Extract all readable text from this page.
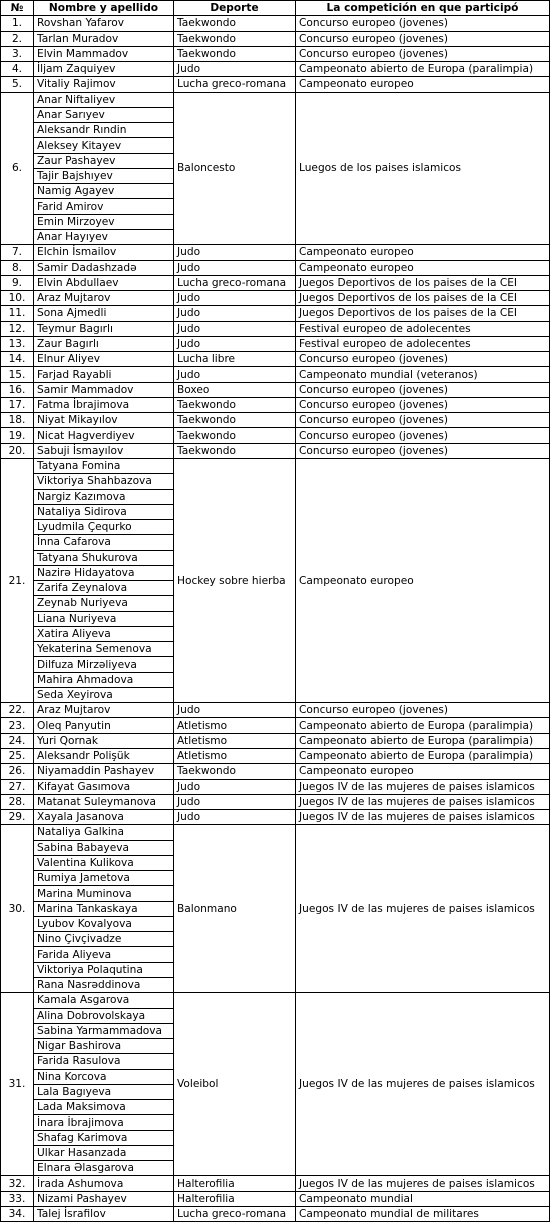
№	Nombre y apellido	Deporte	La competición en que participó
1.	Rovshan Yafarov	Taekwondo	Concurso europeo (jovenes)
2.	Tarlan Muradov	Taekwondo	Concurso europeo (jovenes)
3.	Elvin Mammadov	Taekwondo	Concurso europeo (jovenes)
4.	İljam Zaquiyev	Judo	Campeonato abierto de Europa (paralimpia)
5.	Vitaliy Rajimov	Lucha greco-romana	Campeonato europeo
6.	Anar Niftaliyev	Baloncesto	Luegos de los paises islamicos
	Anar Sarıyev		
	Aleksandr Rındin		
	Aleksey Kitayev		
	Zaur Pashayev		
	Tajir Bajshıyev		
	Namig Agayev		
	Farid Amirov		
	Emin Mirzoyev		
	Anar Hayıyev		
7.	Elchin İsmailov	Judo	Campeonato europeo
8.	Samir Dadashzadə	Judo	Campeonato europeo
9.	Elvin Abdullaev	Lucha greco-romana	Juegos Deportivos de los paises de la CEI
10.	Araz Mujtarov	Judo	Juegos Deportivos de los paises de la CEI
11.	Sona Ajmedli	Judo	Juegos Deportivos de los paises de la CEI
12.	Teymur Bagırlı	Judo	Festival europeo de adolecentes
13.	Zaur Bagırlı	Judo	Festival europeo de adolecentes
14.	Elnur Aliyev	Lucha libre	Concurso europeo (jovenes)
15.	Farjad Rayabli	Judo	Campeonato mundial (veteranos)
16.	Samir Mammadov	Boxeo	Concurso europeo (jovenes)
17.	Fatma İbrajimova	Taekwondo	Concurso europeo (jovenes)
18.	Niyat Mikayılov	Taekwondo	Concurso europeo (jovenes)
19.	Nicat Hagverdiyev	Taekwondo	Concurso europeo (jovenes)
20.	Sabuji İsmayılov	Taekwondo	Concurso europeo (jovenes)
21.	Tatyana Fomina	Hockey sobre hierba	Campeonato europeo
	Viktoriya Shahbazova		
	Nargiz Kazımova		
	Nataliya Sidirova		
	Lyudmila Çequrko		
	İnna Cafarova		
	Tatyana Shukurova		
	Nazirə Hidayatova		
	Zarifa Zeynalova		
	Zeynab Nuriyeva		
	Liana Nuriyeva		
	Xatira Aliyeva		
	Yekaterina Semenova		
	Dilfuza Mirzəliyeva		
	Mahira Ahmadova		
	Seda Xeyirova		
22.	Araz Mujtarov	Judo	Concurso europeo (jovenes)
23.	Oleq Panyutin	Atletismo	Campeonato abierto de Europa (paralimpia)
24.	Yuri Qornak	Atletismo	Campeonato abierto de Europa (paralimpia)
25.	Aleksandr Polişük	Atletismo	Campeonato abierto de Europa (paralimpia)
26.	Niyamaddin Pashayev	Taekwondo	Campeonato europeo
27.	Kifayat Gasımova	Judo	Juegos IV de las mujeres de paises islamicos
28.	Matanat Suleymanova	Judo	Juegos IV de las mujeres de paises islamicos
29.	Xayala Jasanova	Judo	Juegos IV de las mujeres de paises islamicos
30.	Nataliya Galkina	Balonmano	Juegos IV de las mujeres de paises islamicos
	Sabina Babayeva		
	Valentina Kulikova		
	Rumiya Jametova		
	Marina Muminova		
	Marina Tankaskaya		
	Lyubov Kovalyova		
	Nino Çivçivadze		
	Farida Aliyeva		
	Viktoriya Polaqutina		
	Rana Nasrəddinova		
31.	Kamala Asgarova	Voleibol	Juegos IV de las mujeres de paises islamicos
	Alina Dobrovolskaya		
	Sabina Yarmammadova		
	Nigar Bashirova		
	Farida Rasulova		
	Nina Korcova		
	Lala Bagıyeva		
	Lada Maksimova		
	İnara İbrajimova		
	Shafag Karimova		
	Ulkar Hasanzada		
	Elnara Əlasgarova		
32.	İrada Ashumova	Halterofilia	Juegos IV de las mujeres de paises islamicos
33.	Nizami Pashayev	Halterofilia	Campeonato mundial
34.	Talej İsrafilov	Lucha greco-romana	Campeonato mundial de militares
